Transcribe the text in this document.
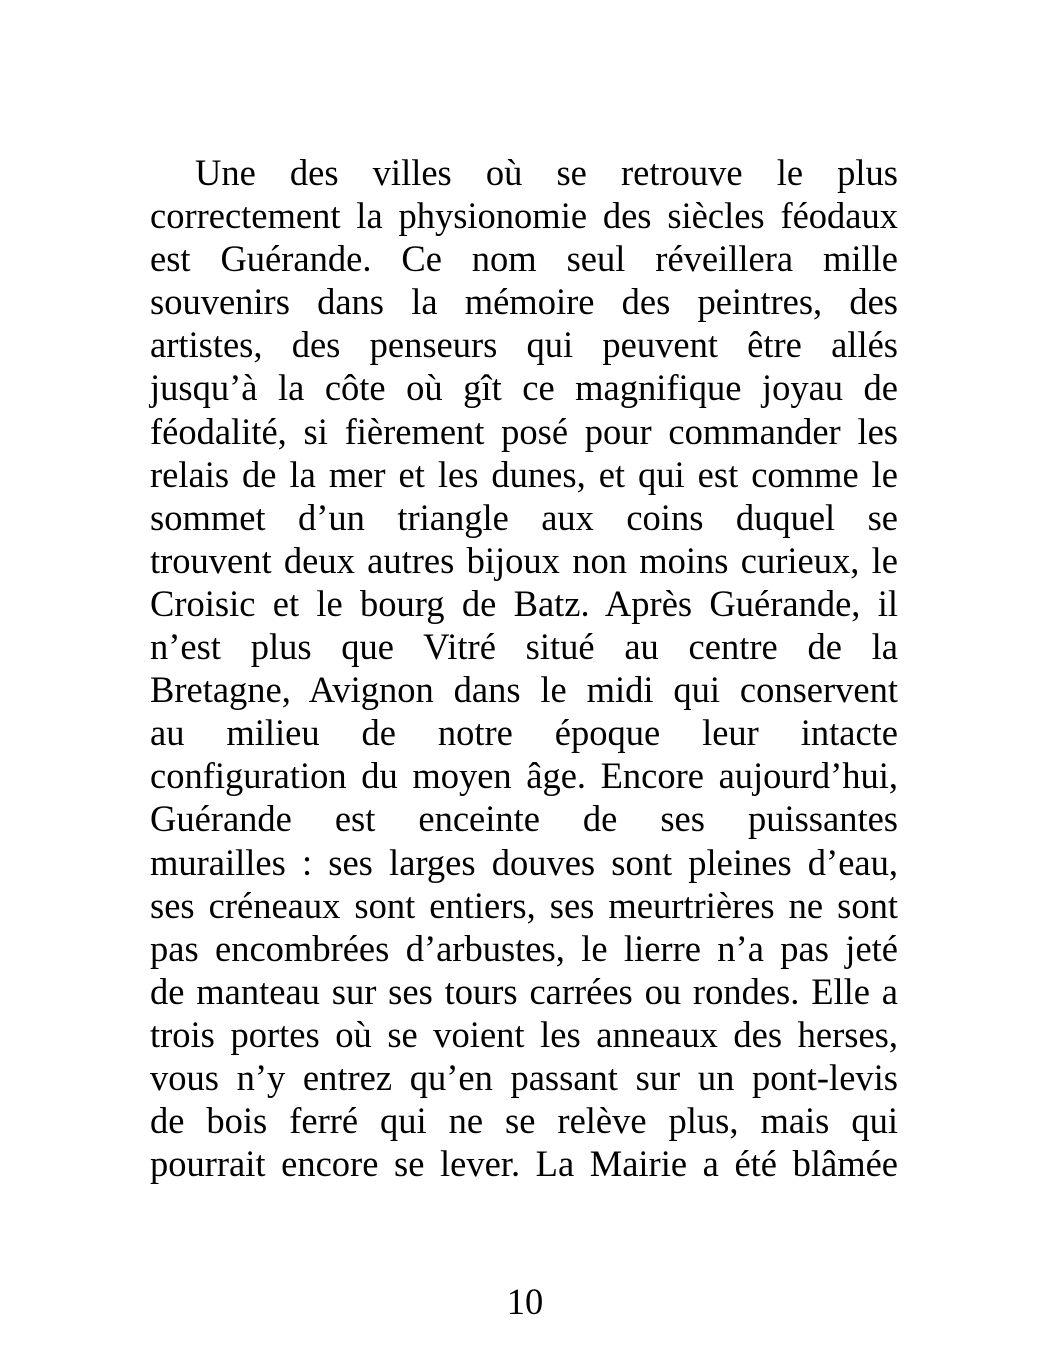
Une des villes où se retrouve le plus
correctement la physionomie des siècles féodaux
est Guérande. Ce nom seul réveillera mille
souvenirs dans la mémoire des peintres, des
artistes, des penseurs qui peuvent être allés
jusqu’à la côte où gît ce magnifique joyau de
féodalité, si fièrement posé pour commander les
relais de la mer et les dunes, et qui est comme le
sommet d’un triangle aux coins duquel se
trouvent deux autres bijoux non moins curieux, le
Croisic et le bourg de Batz. Après Guérande, il
n’est plus que Vitré situé au centre de la
Bretagne, Avignon dans le midi qui conservent
au milieu de notre époque leur intacte
configuration du moyen âge. Encore aujourd’hui,
Guérande est enceinte de ses puissantes
murailles : ses larges douves sont pleines d’eau,
ses créneaux sont entiers, ses meurtrières ne sont
pas encombrées d’arbustes, le lierre n’a pas jeté
de manteau sur ses tours carrées ou rondes. Elle a
trois portes où se voient les anneaux des herses,
vous n’y entrez qu’en passant sur un pont-levis
de bois ferré qui ne se relève plus, mais qui
pourrait encore se lever. La Mairie a été blâmée
10
